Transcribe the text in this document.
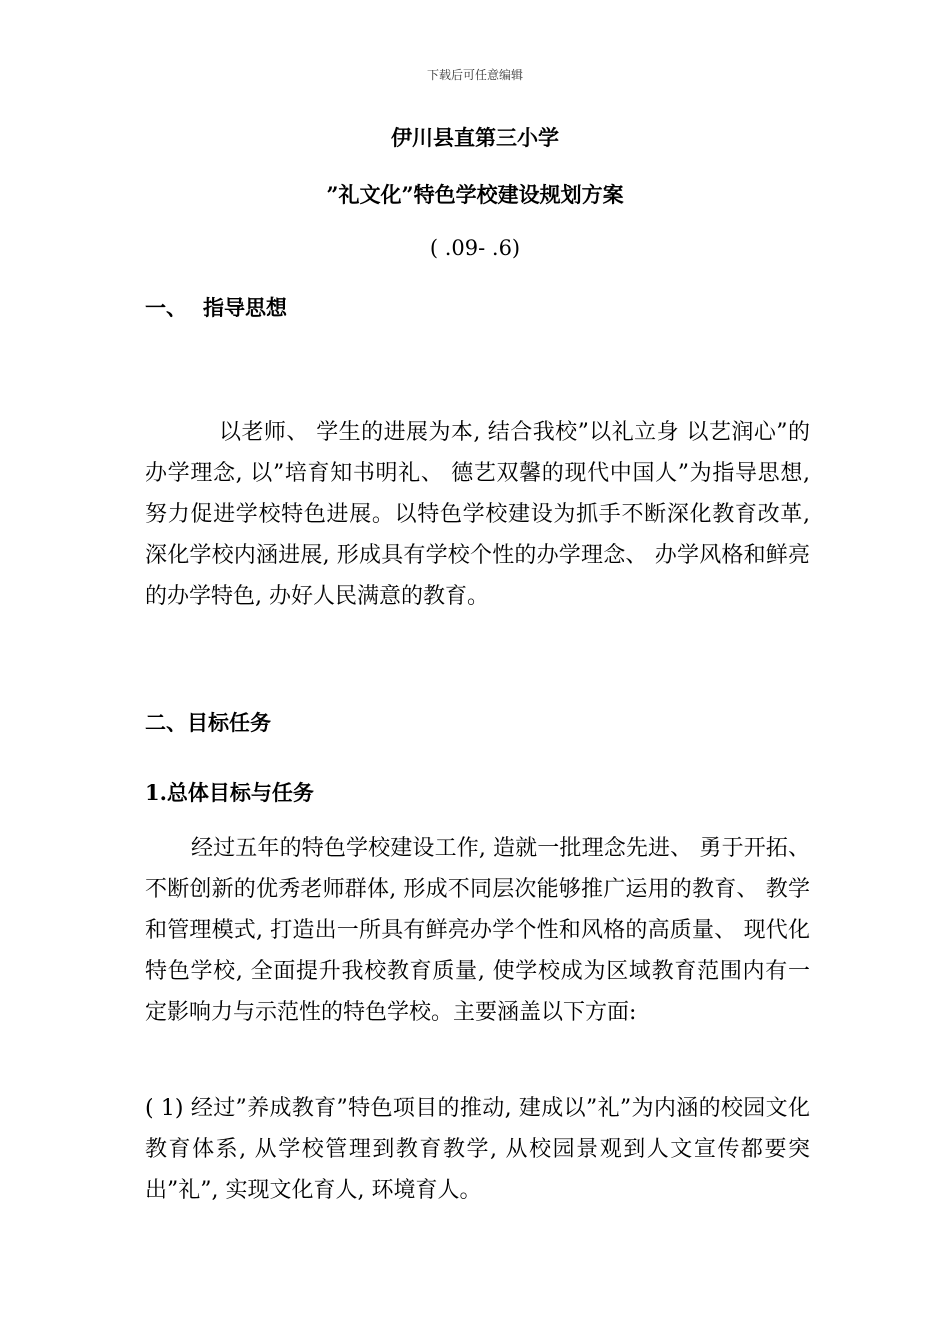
下载后可任意编辑
伊川县直第三小学
”礼文化”特色学校建设规划方案
( .09- .6)
一、 指导思想

以老师、 学生的进展为本, 结合我校”以礼立身 以艺润心”的办学理念, 以”培育知书明礼、 德艺双馨的现代中国人”为指导思想, 努力促进学校特色进展。以特色学校建设为抓手不断深化教育改革, 深化学校内涵进展, 形成具有学校个性的办学理念、 办学风格和鲜亮的办学特色, 办好人民满意的教育。

二、目标任务
1.总体目标与任务

经过五年的特色学校建设工作, 造就一批理念先进、 勇于开拓、 不断创新的优秀老师群体, 形成不同层次能够推广运用的教育、 教学和管理模式, 打造出一所具有鲜亮办学个性和风格的高质量、 现代化特色学校, 全面提升我校教育质量, 使学校成为区域教育范围内有一定影响力与示范性的特色学校。主要涵盖以下方面:

( 1) 经过”养成教育”特色项目的推动, 建成以”礼”为内涵的校园文化教育体系, 从学校管理到教育教学, 从校园景观到人文宣传都要突出”礼”, 实现文化育人, 环境育人。
